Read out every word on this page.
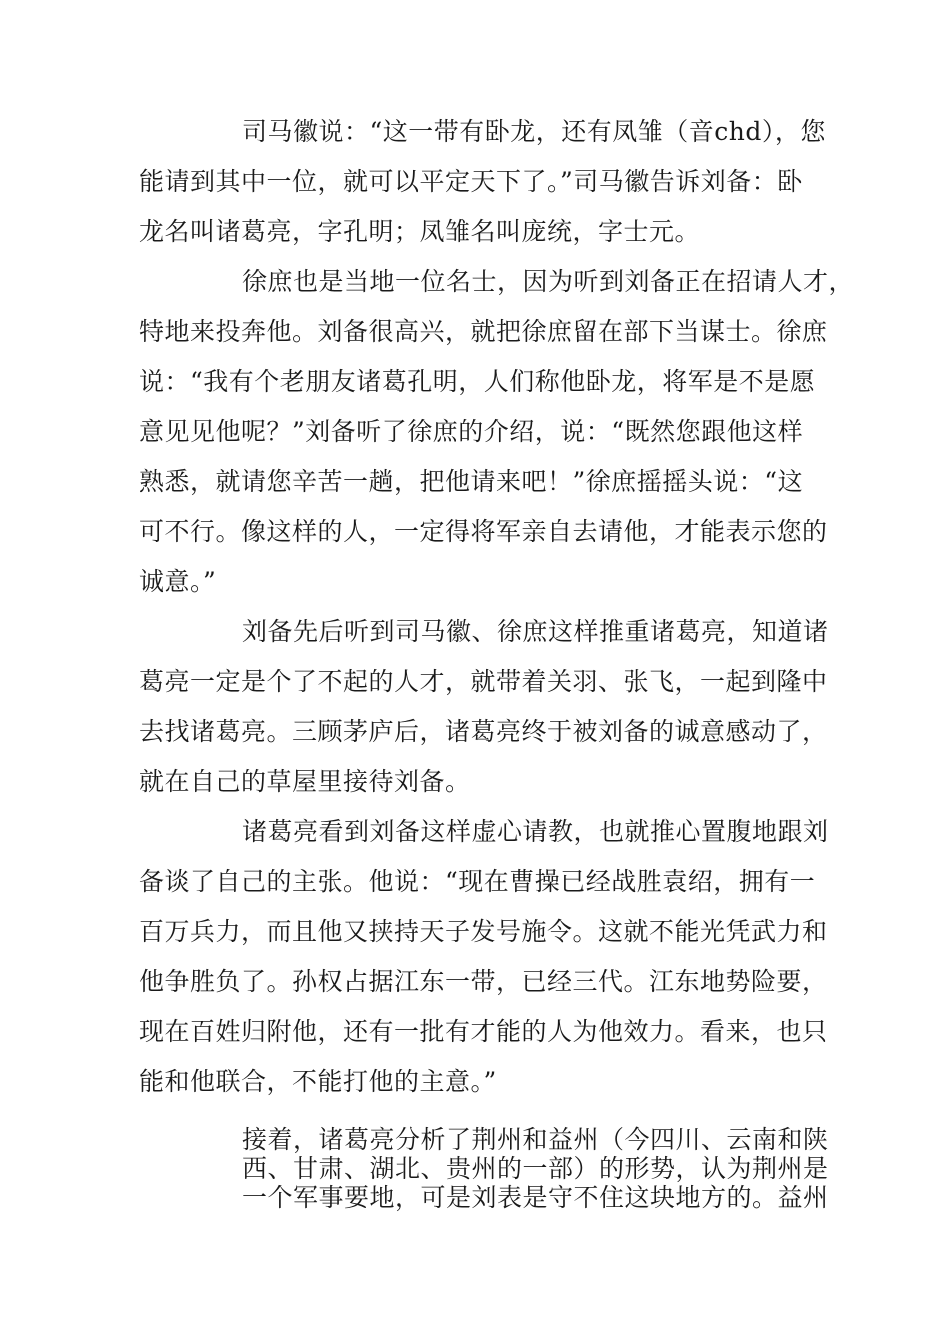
司马徽说：“这一带有卧龙，还有凤雏（音chd），您
能请到其中一位，就可以平定天下了。”司马徽告诉刘备：卧
龙名叫诸葛亮，字孔明；凤雏名叫庞统，字士元。
徐庶也是当地一位名士，因为听到刘备正在招请人才，
特地来投奔他。刘备很高兴，就把徐庶留在部下当谋士。徐庶
说：“我有个老朋友诸葛孔明，人们称他卧龙，将军是不是愿
意见见他呢？”刘备听了徐庶的介绍，说：“既然您跟他这样
熟悉，就请您辛苦一趟，把他请来吧！”徐庶摇摇头说：“这
可不行。像这样的人，一定得将军亲自去请他，才能表示您的
诚意。”
刘备先后听到司马徽、徐庶这样推重诸葛亮，知道诸
葛亮一定是个了不起的人才，就带着关羽、张飞，一起到隆中
去找诸葛亮。三顾茅庐后，诸葛亮终于被刘备的诚意感动了，
就在自己的草屋里接待刘备。
诸葛亮看到刘备这样虚心请教，也就推心置腹地跟刘
备谈了自己的主张。他说：“现在曹操已经战胜袁绍，拥有一
百万兵力，而且他又挟持天子发号施令。这就不能光凭武力和
他争胜负了。孙权占据江东一带，已经三代。江东地势险要，
现在百姓归附他，还有一批有才能的人为他效力。看来，也只
能和他联合，不能打他的主意。”
接着，诸葛亮分析了荆州和益州（今四川、云南和陕
西、甘肃、湖北、贵州的一部）的形势，认为荆州是
一个军事要地，可是刘表是守不住这块地方的。益州
